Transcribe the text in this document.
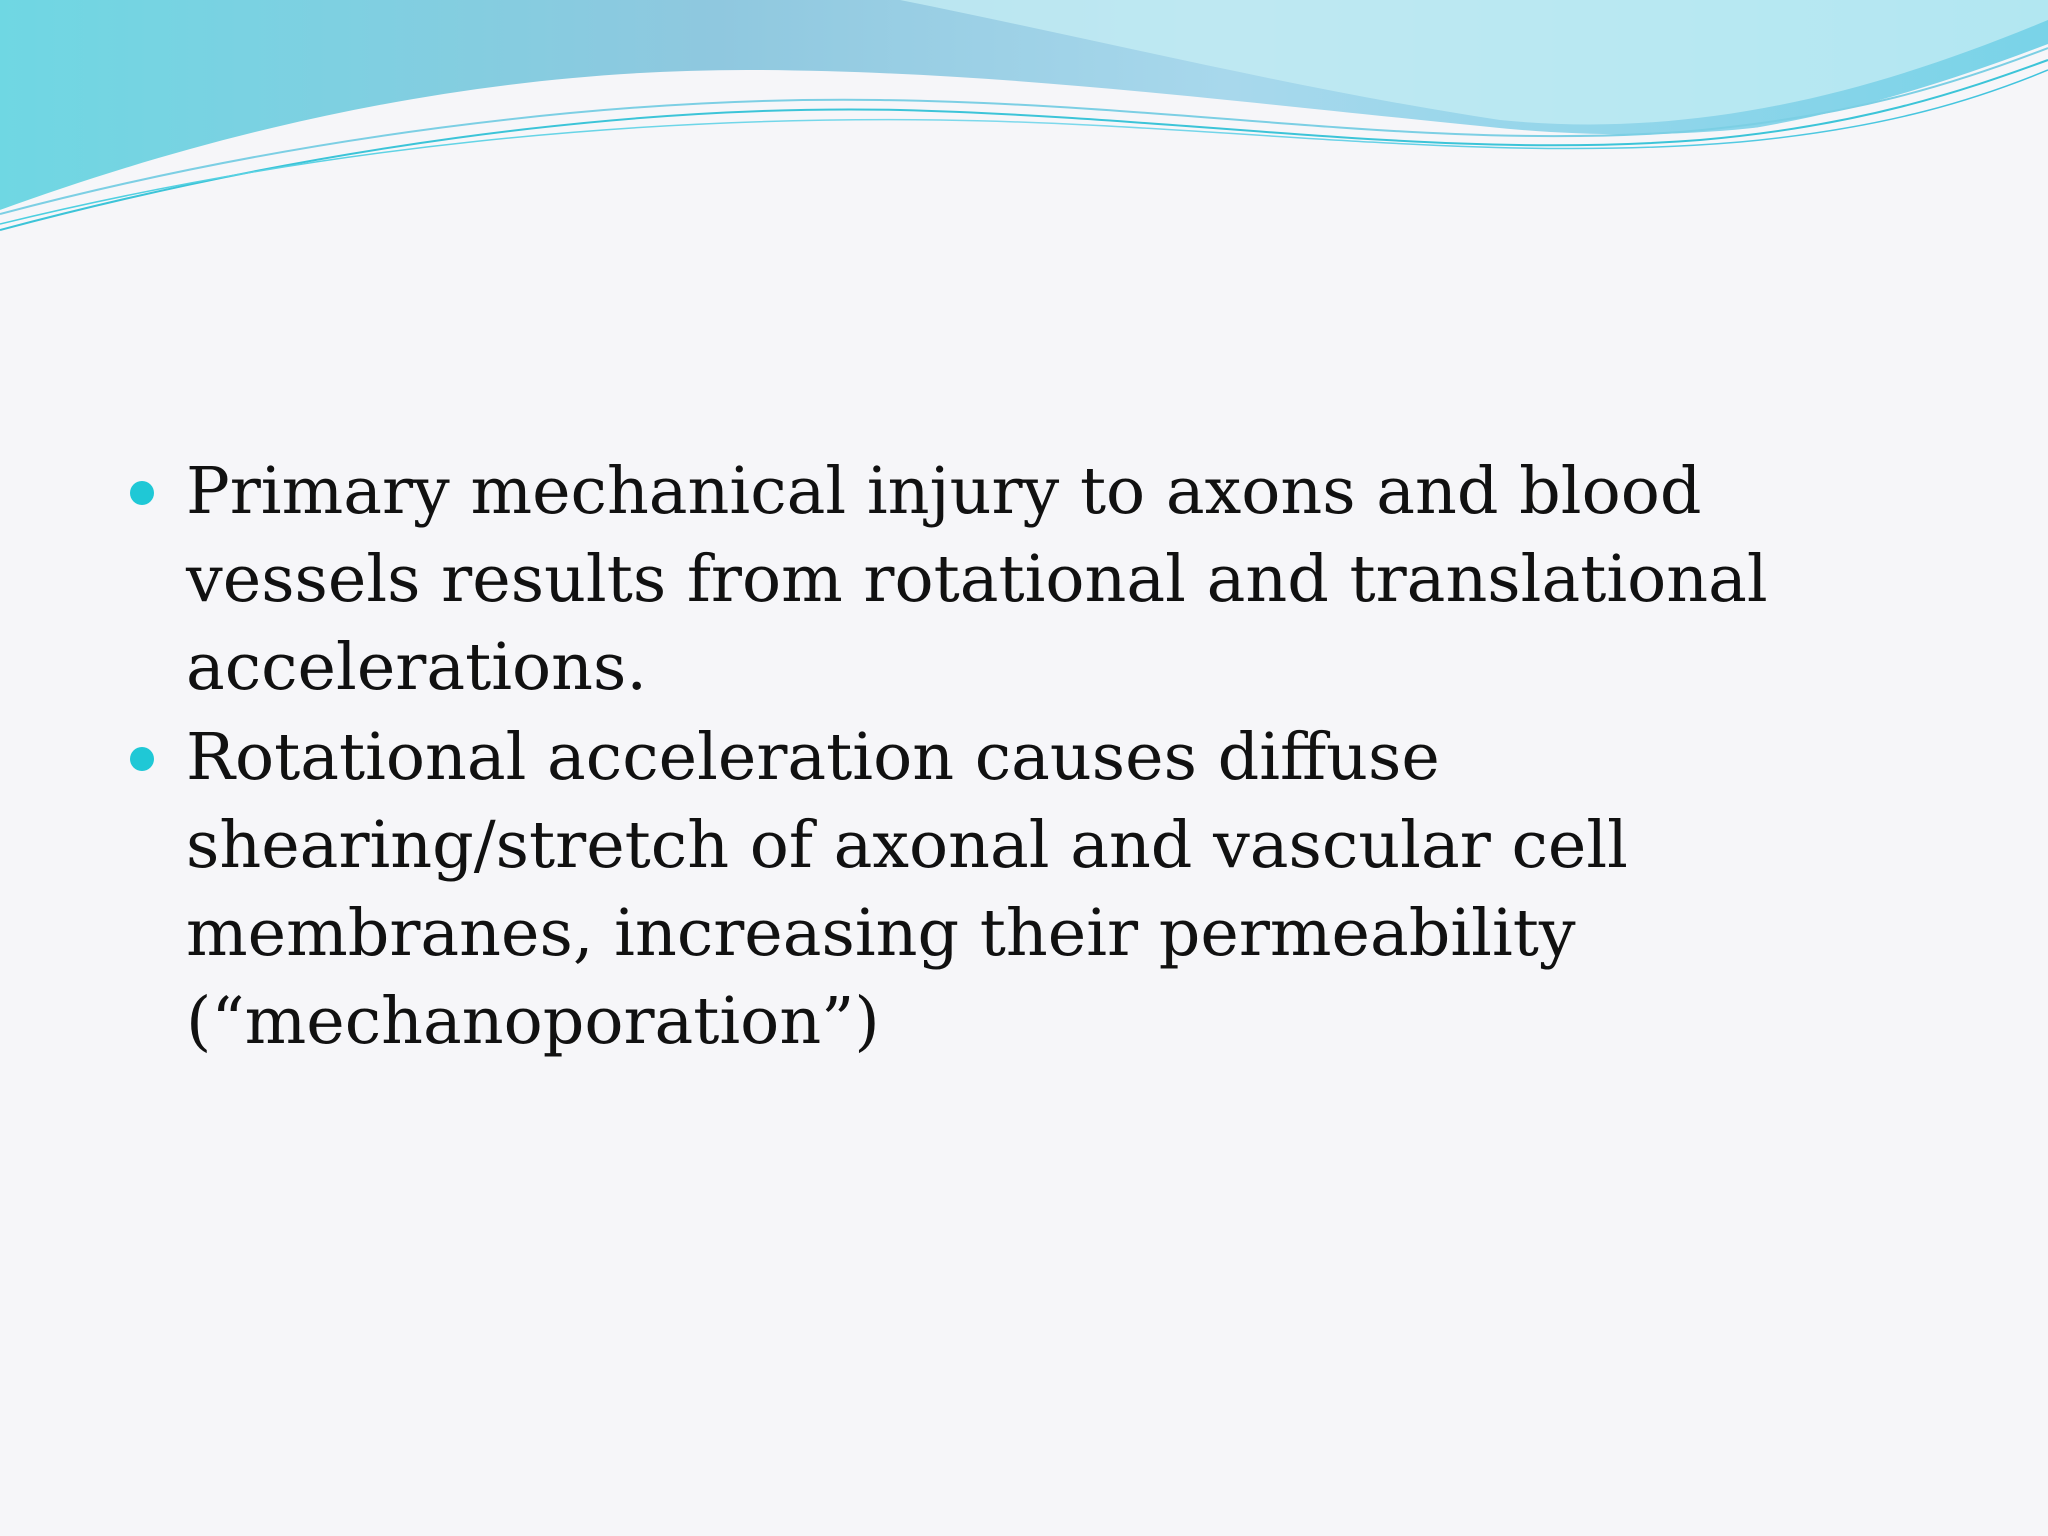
Primary mechanical injury to axons and blood vessels results from rotational and translational accelerations.
Rotational acceleration causes diffuse shearing/stretch of axonal and vascular cell membranes, increasing their permeability (“mechanoporation”)
